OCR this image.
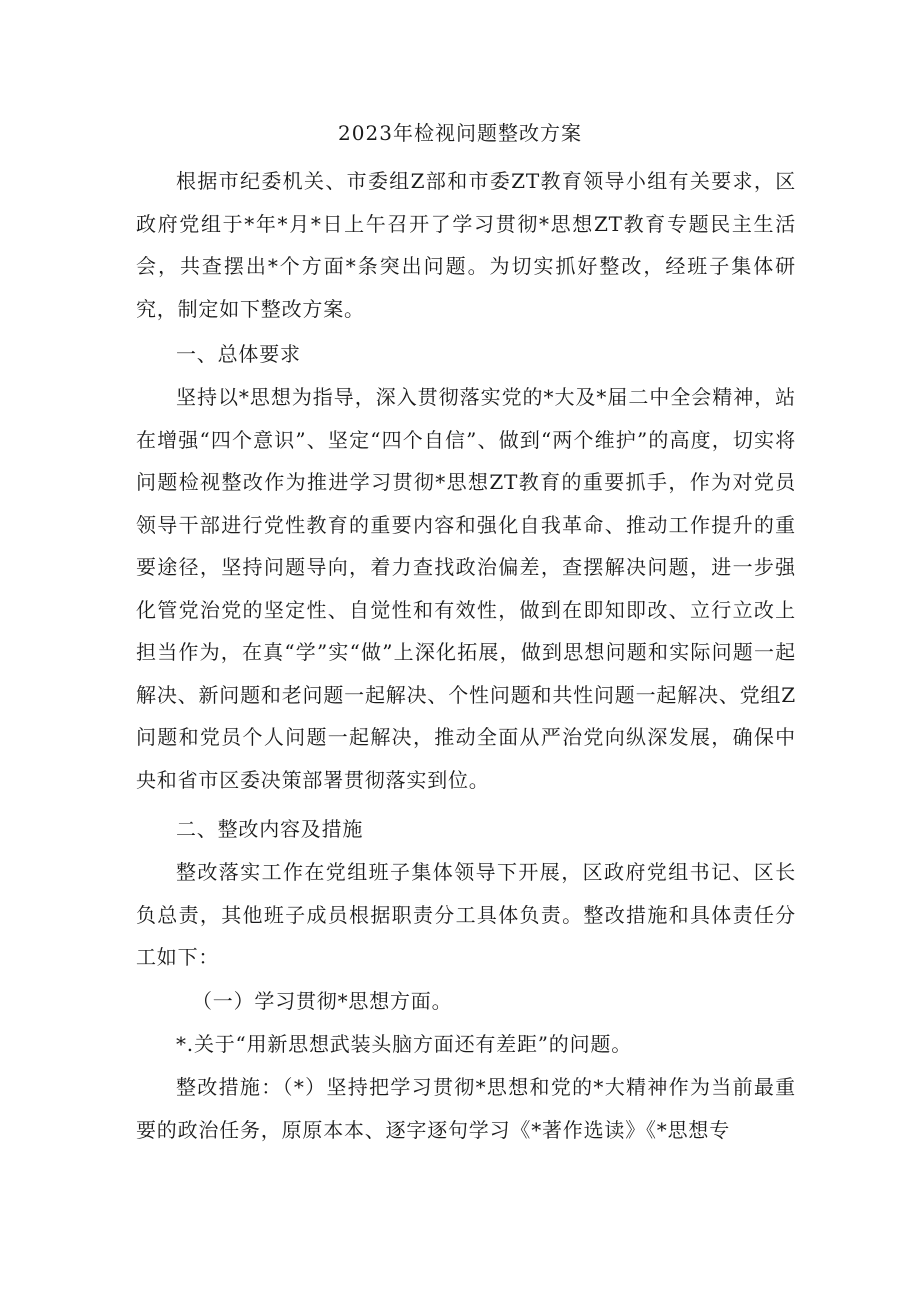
2023年检视问题整改方案

根据市纪委机关、市委组Z部和市委ZT教育领导小组有关要求，区政府党组于*年*月*日上午召开了学习贯彻*思想ZT教育专题民主生活会，共查摆出*个方面*条突出问题。为切实抓好整改，经班子集体研究，制定如下整改方案。

一、总体要求

坚持以*思想为指导，深入贯彻落实党的*大及*届二中全会精神，站在增强“四个意识”、坚定“四个自信”、做到“两个维护”的高度，切实将问题检视整改作为推进学习贯彻*思想ZT教育的重要抓手，作为对党员领导干部进行党性教育的重要内容和强化自我革命、推动工作提升的重要途径，坚持问题导向，着力查找政治偏差，查摆解决问题，进一步强化管党治党的坚定性、自觉性和有效性，做到在即知即改、立行立改上担当作为，在真“学”实“做”上深化拓展，做到思想问题和实际问题一起解决、新问题和老问题一起解决、个性问题和共性问题一起解决、党组Z问题和党员个人问题一起解决，推动全面从严治党向纵深发展，确保中央和省市区委决策部署贯彻落实到位。

二、整改内容及措施

整改落实工作在党组班子集体领导下开展，区政府党组书记、区长负总责，其他班子成员根据职责分工具体负责。整改措施和具体责任分工如下：

（一）学习贯彻*思想方面。

*.关于“用新思想武装头脑方面还有差距”的问题。

整改措施：（*）坚持把学习贯彻*思想和党的*大精神作为当前最重要的政治任务，原原本本、逐字逐句学习《*著作选读》《*思想专
